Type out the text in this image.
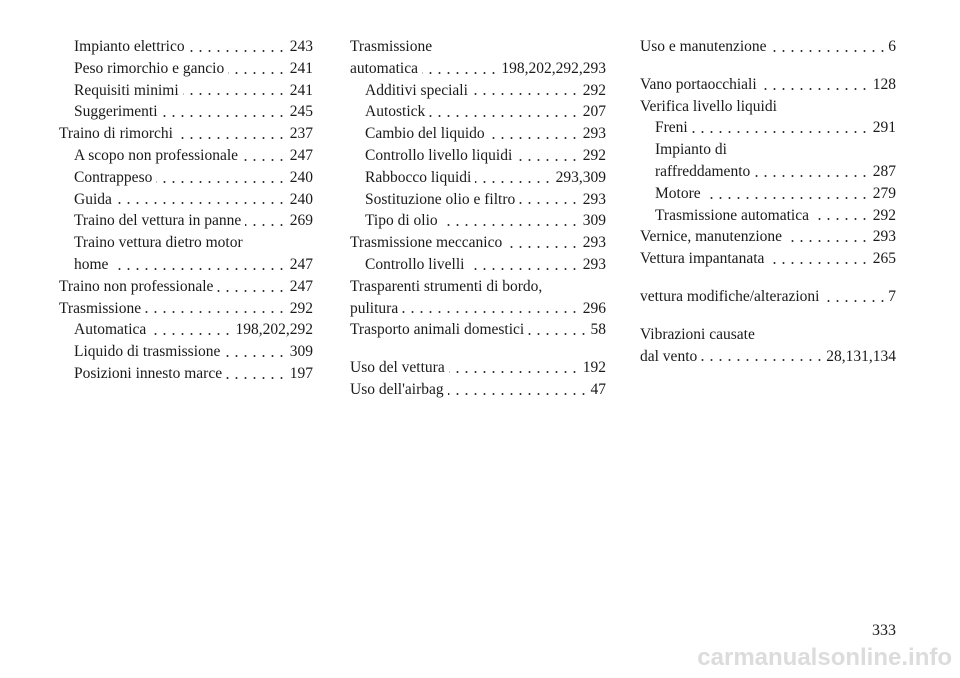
Impianto elettrico	243
Peso rimorchio e gancio	241
Requisiti minimi	241
Suggerimenti	245
Traino di rimorchi	237
A scopo non professionale	247
Contrappeso	240
Guida	240
Traino del vettura in panne	269
Traino vettura dietro motor
home	247
Traino non professionale	247
Trasmissione	292
Automatica	198,202,292
Liquido di trasmissione	309
Posizioni innesto marce	197
Trasmissione
automatica	198,202,292,293
Additivi speciali	292
Autostick	207
Cambio del liquido	293
Controllo livello liquidi	292
Rabbocco liquidi	293,309
Sostituzione olio e filtro	293
Tipo di olio	309
Trasmissione meccanico	293
Controllo livelli	293
Trasparenti strumenti di bordo,
pulitura	296
Trasporto animali domestici	58
Uso del vettura	192
Uso dell'airbag	47
Uso e manutenzione	6
Vano portaocchiali	128
Verifica livello liquidi
Freni	291
Impianto di
raffreddamento	287
Motore	279
Trasmissione automatica	292
Vernice, manutenzione	293
Vettura impantanata	265
vettura modifiche/alterazioni	7
Vibrazioni causate
dal vento	28,131,134
333
carmanualsonline.info
